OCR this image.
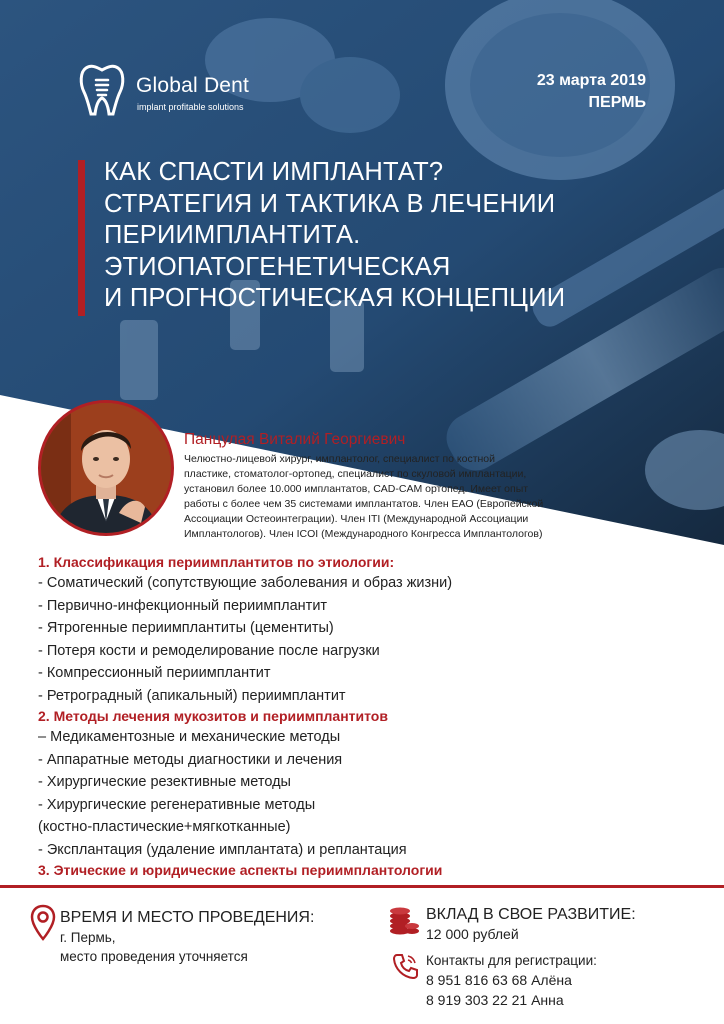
Global Dent
implant profitable solutions
23 марта 2019
ПЕРМЬ
КАК СПАСТИ ИМПЛАНТАТ?
СТРАТЕГИЯ И ТАКТИКА В ЛЕЧЕНИИ
ПЕРИИМПЛАНТИТА.
ЭТИОПАТОГЕНЕТИЧЕСКАЯ
И ПРОГНОСТИЧЕСКАЯ КОНЦЕПЦИИ
Панцулая Виталий Георгиевич
Челюстно-лицевой хирург, имплантолог, специалист по костной
пластике, стоматолог-ортопед, специалист по скуловой имплантации,
установил более 10.000 имплантатов, CAD-CAM ортопед. Имеет опыт
работы с более чем 35 системами имплантатов. Член ЕАО (Европейской
Ассоциации Остеоинтеграции). Член ITI (Международной Ассоциации
Имплантологов). Член ICOI (Международного Конгресса Имплантологов)
1. Классификация периимплантитов по этиологии:
- Соматический (сопутствующие заболевания и образ жизни)
- Первично-инфекционный периимплантит
- Ятрогенные периимплантиты (цементиты)
- Потеря кости и ремоделирование после нагрузки
- Компрессионный периимплантит
- Ретроградный (апикальный) периимплантит
2. Методы лечения мукозитов и периимплантитов
– Медикаментозные и механические методы
- Аппаратные методы диагностики и лечения
- Хирургические резективные методы
- Хирургические регенеративные методы
(костно-пластические+мягкотканные)
- Эксплантация (удаление имплантата) и реплантация
3. Этические и юридические аспекты периимплантологии
ВРЕМЯ И МЕСТО ПРОВЕДЕНИЯ:
г. Пермь,
место проведения уточняется
ВКЛАД В СВОЕ РАЗВИТИЕ:
12 000 рублей
Контакты для регистрации:
8 951 816 63 68 Алёна
8 919 303 22 21 Анна
